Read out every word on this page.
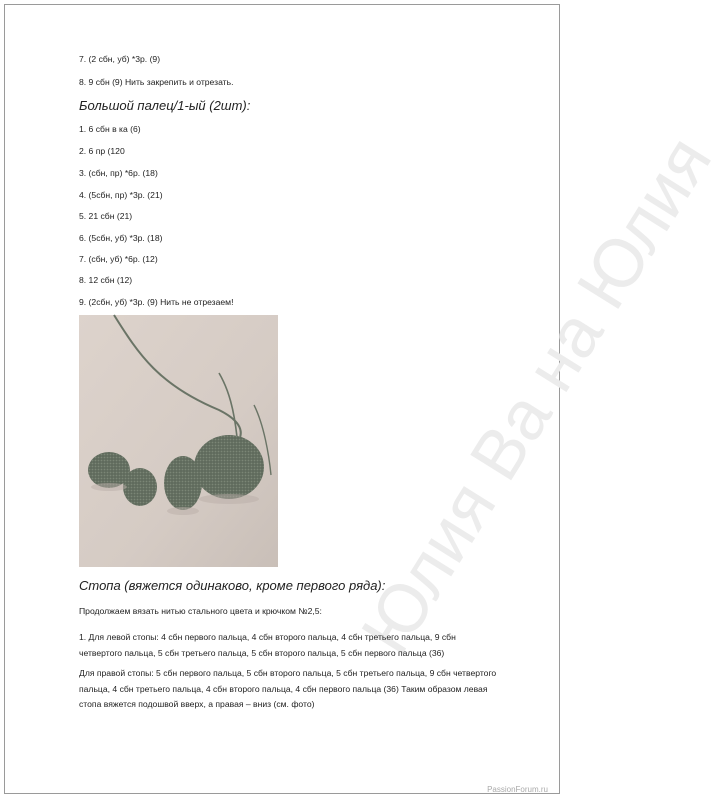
Юлия Ва на Юлия
7. (2 сбн, уб) *3р. (9)
8. 9 сбн (9) Нить закрепить и отрезать.
Большой палец/1-ый (2шт):
1. 6 сбн в ка (6)
2. 6 пр (120
3. (сбн, пр) *6р. (18)
4. (5сбн, пр) *3р. (21)
5. 21 сбн (21)
6. (5сбн, уб) *3р. (18)
7. (сбн, уб) *6р. (12)
8. 12 сбн (12)
9. (2сбн, уб) *3р. (9) Нить не отрезаем!
Стопа (вяжется одинаково, кроме первого ряда):
Продолжаем вязать нитью стального цвета и крючком №2,5:
1. Для левой стопы: 4 сбн первого пальца, 4 сбн второго пальца, 4 сбн третьего пальца, 9 сбн четвертого пальца, 5 сбн третьего пальца, 5 сбн второго пальца, 5 сбн первого пальца (36)
Для правой стопы: 5 сбн первого пальца, 5 сбн второго пальца, 5 сбн третьего пальца, 9 сбн четвертого пальца, 4 сбн третьего пальца, 4 сбн второго пальца, 4 сбн первого пальца (36) Таким образом левая стопа вяжется подошвой вверх, а правая – вниз (см. фото)
PassionForum.ru
